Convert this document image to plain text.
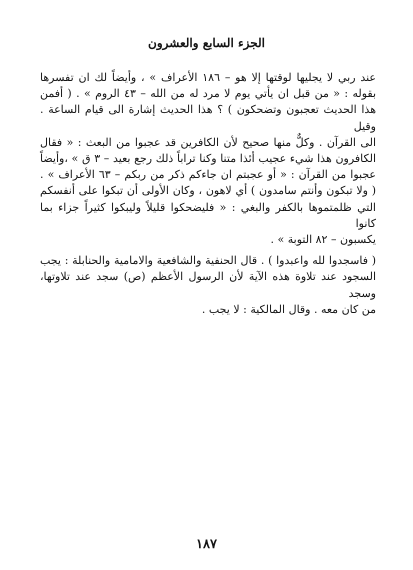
الجزء السابع والعشرون

عند ربي لا يجليها لوقتها إلا هو – ١٨٦ الأعراف » ، وأيضاً لك ان تفسرها
بقوله : « من قبل ان يأتي يوم لا مرد له من الله – ٤٣ الروم » . ( أفمن
هذا الحديث تعجبون وتضحكون ) ؟ هذا الحديث إشارة الى قيام الساعة . وقيل
الى القرآن . وكلٌّ منها صحيح لأن الكافرين قد عجبوا من البعث : « فقال
الكافرون هذا شيء عجيب أئذا متنا وكنا تراباً ذلك رجع بعيد – ٣ ق » ،وأيضاً
عجبوا من القرآن : « أو عجبتم ان جاءكم ذكر من ربكم – ٦٣ الأعراف » .
( ولا تبكون وأنتم سامدون ) أي لاهون ، وكان الأولى أن تبكوا على أنفسكم
التي ظلمتموها بالكفر والبغي : « فليضحكوا قليلاً وليبكوا كثيراً جزاء بما كانوا
يكسبون – ٨٢ التوبة » .

( فاسجدوا لله واعبدوا ) . قال الحنفية والشافعية والامامية والحنابلة : يجب
السجود عند تلاوة هذه الآية لأن الرسول الأعظم (ص) سجد عند تلاوتها، وسجد
من كان معه . وقال المالكية : لا يجب .

١٨٧
